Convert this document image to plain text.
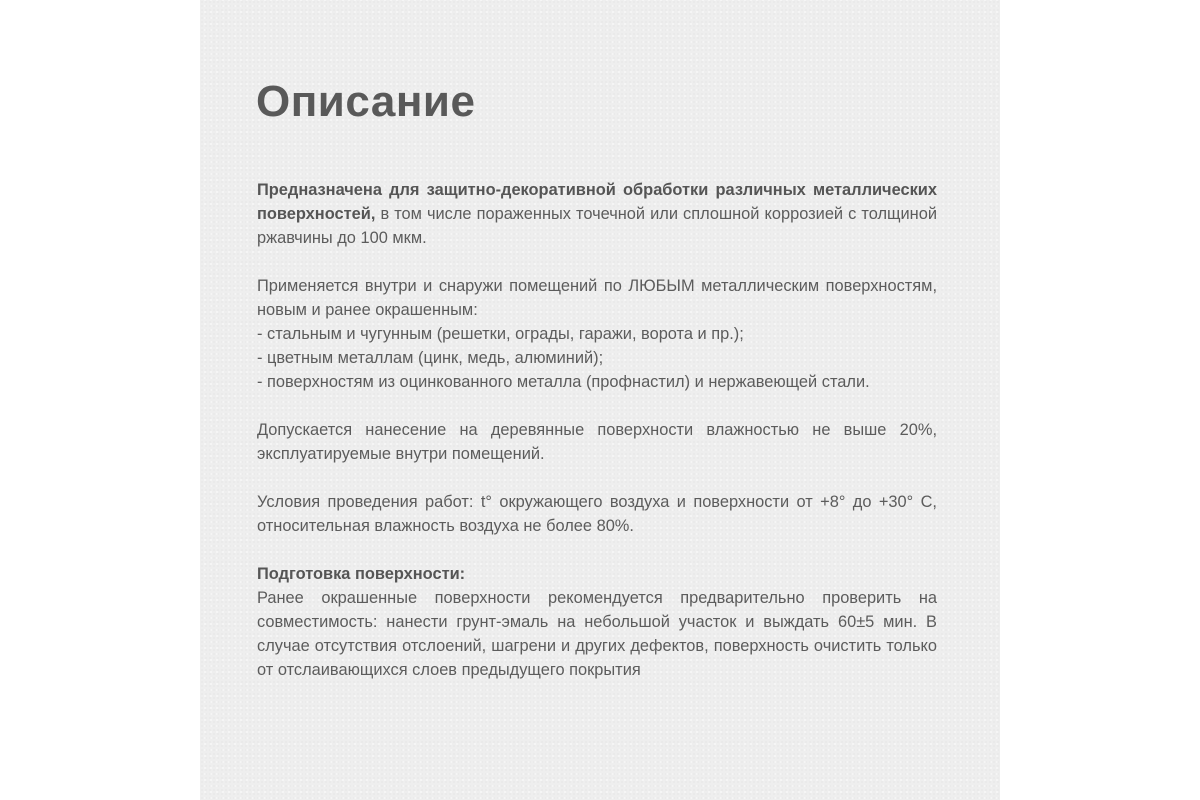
Описание

Предназначена для защитно-декоративной обработки различных металлических поверхностей, в том числе пораженных точечной или сплошной коррозией с толщиной ржавчины до 100 мкм.

Применяется внутри и снаружи помещений по ЛЮБЫМ металлическим поверхностям, новым и ранее окрашенным:
- стальным и чугунным (решетки, ограды, гаражи, ворота и пр.);
- цветным металлам (цинк, медь, алюминий);
- поверхностям из оцинкованного металла (профнастил) и нержавеющей стали.

Допускается нанесение на деревянные поверхности влажностью не выше 20%, эксплуатируемые внутри помещений.

Условия проведения работ: t° окружающего воздуха и поверхности от +8° до +30° С, относительная влажность воздуха не более 80%.

Подготовка поверхности:
Ранее окрашенные поверхности рекомендуется предварительно проверить на совместимость: нанести грунт-эмаль на небольшой участок и выждать 60±5 мин. В случае отсутствия отслоений, шагрени и других дефектов, поверхность очистить только от отслаивающихся слоев предыдущего покрытия
